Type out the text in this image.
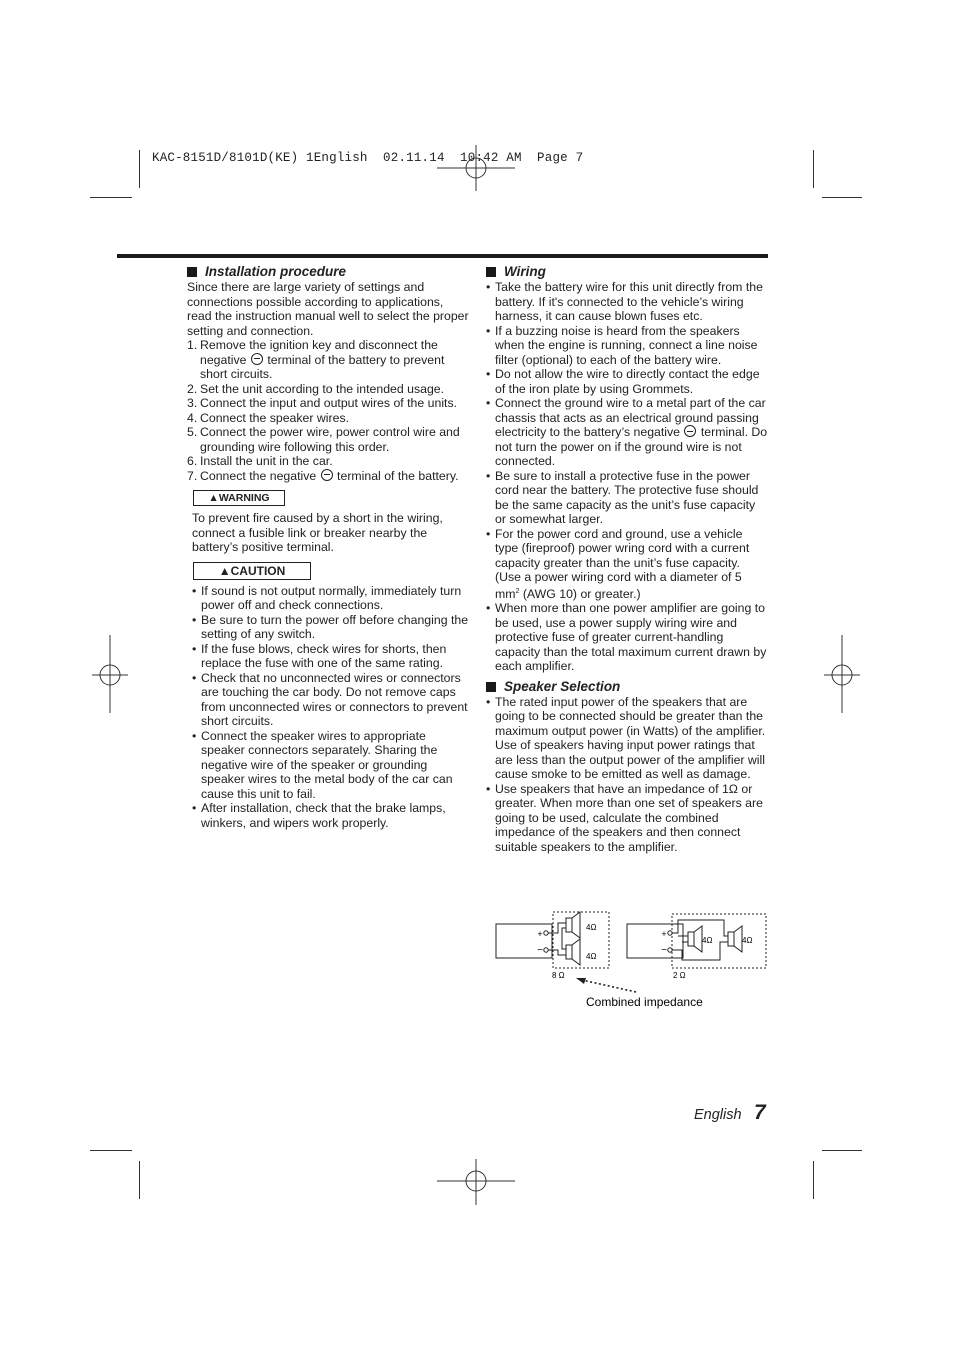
KAC-8151D/8101D(KE) 1English  02.11.14  10:42 AM  Page 7
Installation procedure

Since there are large variety of settings and connections possible according to applications, read the instruction manual well to select the proper setting and connection.

1. Remove the ignition key and disconnect the negative  terminal of the battery to prevent short circuits.
2. Set the unit according to the intended usage.
3. Connect the input and output wires of the units.
4. Connect the speaker wires.
5. Connect the power wire, power control wire and grounding wire following this order.
6. Install the unit in the car.
7. Connect the negative  terminal of the battery.
▲WARNING

To prevent fire caused by a short in the wiring, connect a fusible link or breaker nearby the battery’s positive terminal.

▲CAUTION
• If sound is not output normally, immediately turn power off and check connections.
• Be sure to turn the power off before changing the setting of any switch.
• If the fuse blows, check wires for shorts, then replace the fuse with one of the same rating.
• Check that no unconnected wires or connectors are touching the car body. Do not remove caps from unconnected wires or connectors to prevent short circuits.
• Connect the speaker wires to appropriate speaker connectors separately. Sharing the negative wire of the speaker or grounding speaker wires to the metal body of the car can cause this unit to fail.
• After installation, check that the brake lamps, winkers, and wipers work properly.
Wiring
• Take the battery wire for this unit directly from the battery. If it's connected to the vehicle’s wiring harness, it can cause blown fuses etc.
• If a buzzing noise is heard from the speakers when the engine is running, connect a line noise filter (optional) to each of the battery wire.
• Do not allow the wire to directly contact the edge of the iron plate by using Grommets.
• Connect the ground wire to a metal part of the car chassis that acts as an electrical ground passing electricity to the battery’s negative  terminal. Do not turn the power on if the ground wire is not connected.
• Be sure to install a protective fuse in the power cord near the battery. The protective fuse should be the same capacity as the unit’s fuse capacity or somewhat larger.
• For the power cord and ground, use a vehicle type (fireproof) power wring cord with a current capacity greater than the unit’s fuse capacity. (Use a power wiring cord with a diameter of 5 $mm^2$ (AWG 10) or greater.)
• When more than one power amplifier are going to be used, use a power supply wiring wire and protective fuse of greater current-handling capacity than the total maximum current drawn by each amplifier.
Speaker Selection
• The rated input power of the speakers that are going to be connected should be greater than the maximum output power (in Watts) of the amplifier. Use of speakers having input power ratings that are less than the output power of the amplifier will cause smoke to be emitted as well as damage.
• Use speakers that have an impedance of 1Ω or greater. When more than one set of speakers are going to be used, calculate the combined impedance of the speakers and then connect suitable speakers to the amplifier.
+
−
4Ω
4Ω
8 Ω
+
−
4Ω	4Ω
2 Ω
Combined impedance
English 7
